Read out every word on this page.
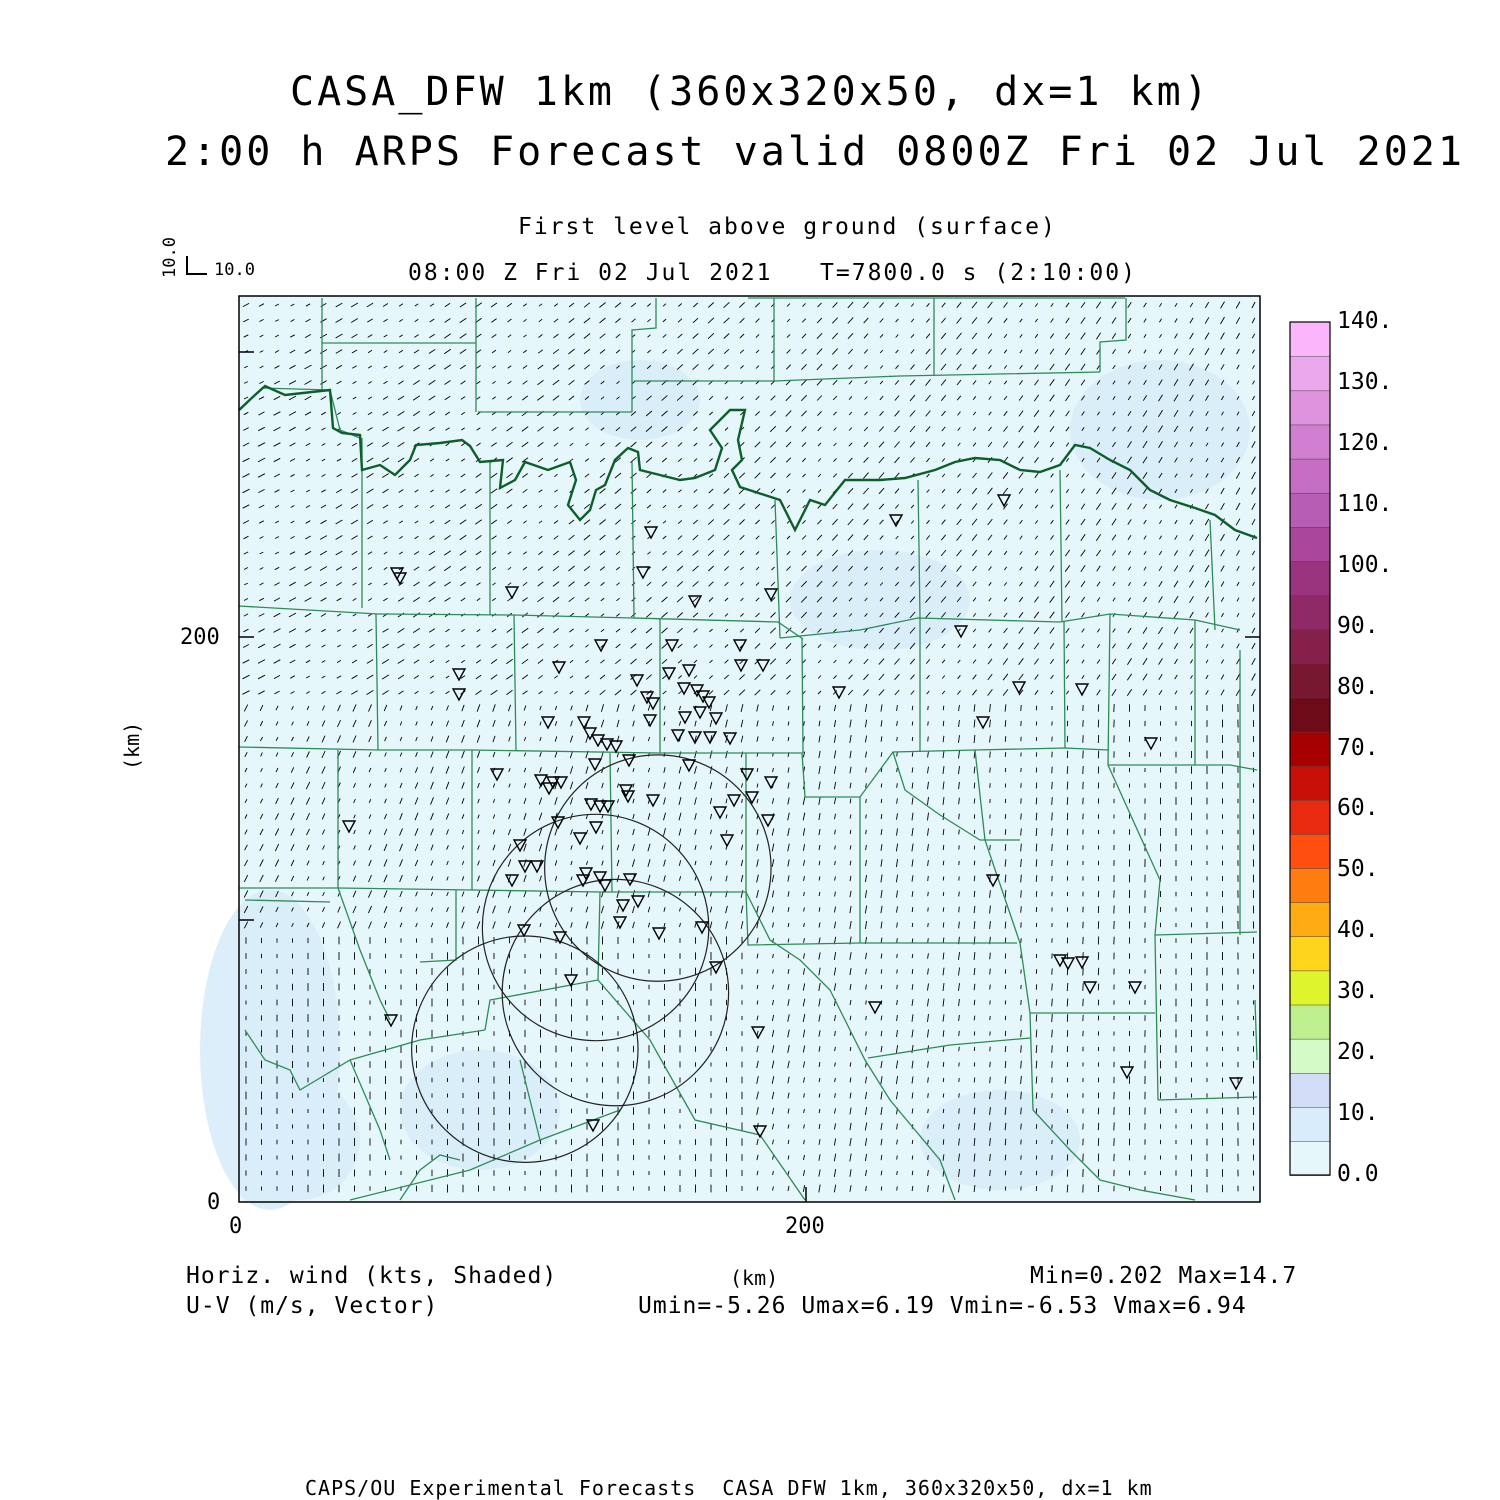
CASA_DFW 1km (360x320x50, dx=1 km)
2:00 h ARPS Forecast valid 0800Z Fri 02 Jul 2021
First level above ground (surface)
08:00 Z Fri 02 Jul 2021   T=7800.0 s (2:10:00)
10.0
10.0
0	200
0
200
(km)
(km)
0.0
10.
20.
30.
40.
50.
60.
70.
80.
90.
100.
110.
120.
130.
140.
Horiz. wind (kts, Shaded)
U-V (m/s, Vector)
Min=0.202 Max=14.7
Umin=-5.26 Umax=6.19 Vmin=-6.53 Vmax=6.94
CAPS/OU Experimental Forecasts  CASA DFW 1km, 360x320x50, dx=1 km
